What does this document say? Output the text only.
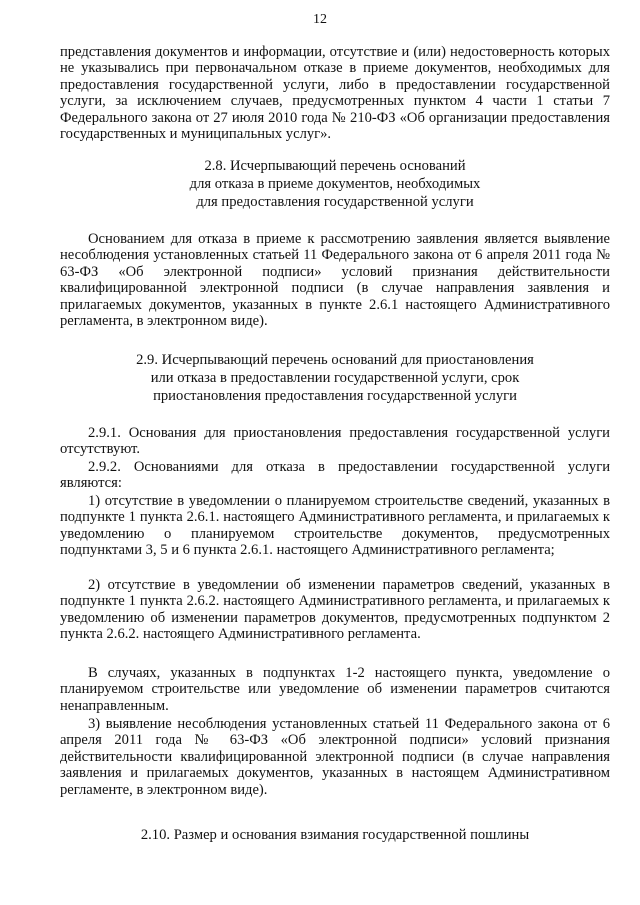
12

представления документов и информации, отсутствие и (или) недостоверность которых не указывались при первоначальном отказе в приеме документов, необходимых для предоставления государственной услуги, либо в предоставлении государственной услуги, за исключением случаев, предусмотренных пунктом 4 части 1 статьи 7 Федерального закона от 27 июля 2010 года № 210-ФЗ «Об организации предоставления государственных и муниципальных услуг».

2.8. Исчерпывающий перечень оснований

для отказа в приеме документов, необходимых

для предоставления государственной услуги

Основанием для отказа в приеме к рассмотрению заявления является выявление несоблюдения установленных статьей 11 Федерального закона от 6 апреля 2011 года № 63-ФЗ «Об электронной подписи» условий признания действительности квалифицированной электронной подписи (в случае направления заявления и прилагаемых документов, указанных в пункте 2.6.1 настоящего Административного регламента, в электронном виде).

2.9. Исчерпывающий перечень оснований для приостановления

или отказа в предоставлении государственной услуги, срок

приостановления предоставления государственной услуги

2.9.1. Основания для приостановления предоставления государственной услуги отсутствуют.

2.9.2. Основаниями для отказа в предоставлении государственной услуги являются:

1) отсутствие в уведомлении о планируемом строительстве сведений, указанных в подпункте 1 пункта 2.6.1. настоящего Административного регламента, и прилагаемых к уведомлению о планируемом строительстве документов, предусмотренных подпунктами 3, 5 и 6 пункта 2.6.1. настоящего Административного регламента;

2) отсутствие в уведомлении об изменении параметров сведений, указанных в подпункте 1 пункта 2.6.2. настоящего Административного регламента, и прилагаемых к уведомлению об изменении параметров документов, предусмотренных подпунктом 2 пункта 2.6.2. настоящего Административного регламента.

В случаях, указанных в подпунктах 1-2 настоящего пункта, уведомление о планируемом строительстве или уведомление об изменении параметров считаются ненаправленным.

3) выявление несоблюдения установленных статьей 11 Федерального закона от 6 апреля 2011 года № 63-ФЗ «Об электронной подписи» условий признания действительности квалифицированной электронной подписи (в случае направления заявления и прилагаемых документов, указанных в настоящем Административном регламенте, в электронном виде).

2.10. Размер и основания взимания государственной пошлины
